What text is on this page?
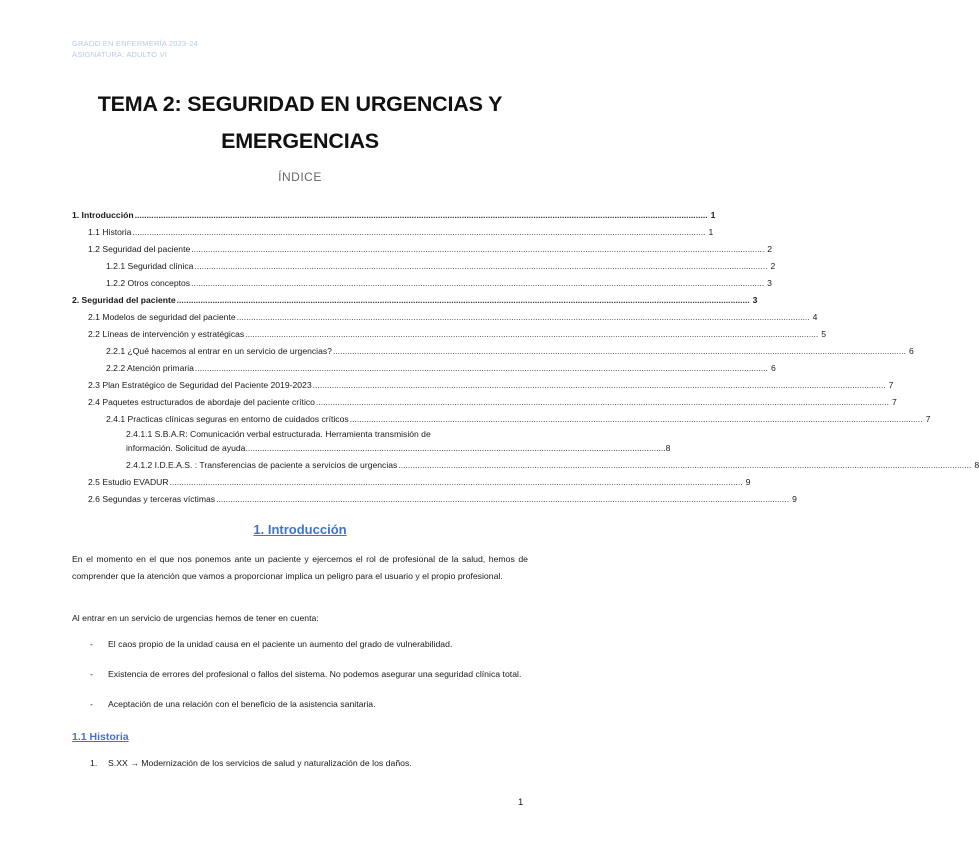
GRADO EN ENFERMERÍA 2023-24
ASIGNATURA: ADULTO VI
TEMA 2: SEGURIDAD EN URGENCIAS Y
EMERGENCIAS
ÍNDICE
1. Introducción .....	1
1.1 Historia .....	1
1.2 Seguridad del paciente .....	2
1.2.1 Seguridad clínica .....	2
1.2.2 Otros conceptos .....	3
2. Seguridad del paciente .....	3
2.1 Modelos de seguridad del paciente .....	4
2.2 Líneas de intervención y estratégicas .....	5
2.2.1 ¿Qué hacemos al entrar en un servicio de urgencias? .....	6
2.2.2 Atención primaria .....	6
2.3 Plan Estratégico de Seguridad del Paciente 2019-2023 .....	7
2.4 Paquetes estructurados de abordaje del paciente crítico .....	7
2.4.1 Practicas clínicas seguras en entorno de cuidados críticos .....	7
2.4.1.1 S.B.A.R: Comunicación verbal estructurada. Herramienta transmisión de
información. Solicitud de ayuda ................................................................................................................................................................................ 8
2.4.1.2 I.D.E.A.S. : Transferencias de paciente a servicios de urgencias .....	8
2.5 Estudio EVADUR .....	9
2.6 Segundas y terceras víctimas .....	9
1. Introducción
En el momento en el que nos ponemos ante un paciente y ejercemos el rol de profesional de la salud, hemos de comprender que la atención que vamos a proporcionar implica un peligro para el usuario y el propio profesional.
Al entrar en un servicio de urgencias hemos de tener en cuenta:
-	El caos propio de la unidad causa en el paciente un aumento del grado de vulnerabilidad.
-	Existencia de errores del profesional o fallos del sistema. No podemos asegurar una seguridad clínica total.
-	Aceptación de una relación con el beneficio de la asistencia sanitaria.
1.1 Historia
1.	S.XX → Modernización de los servicios de salud y naturalización de los daños.
1
